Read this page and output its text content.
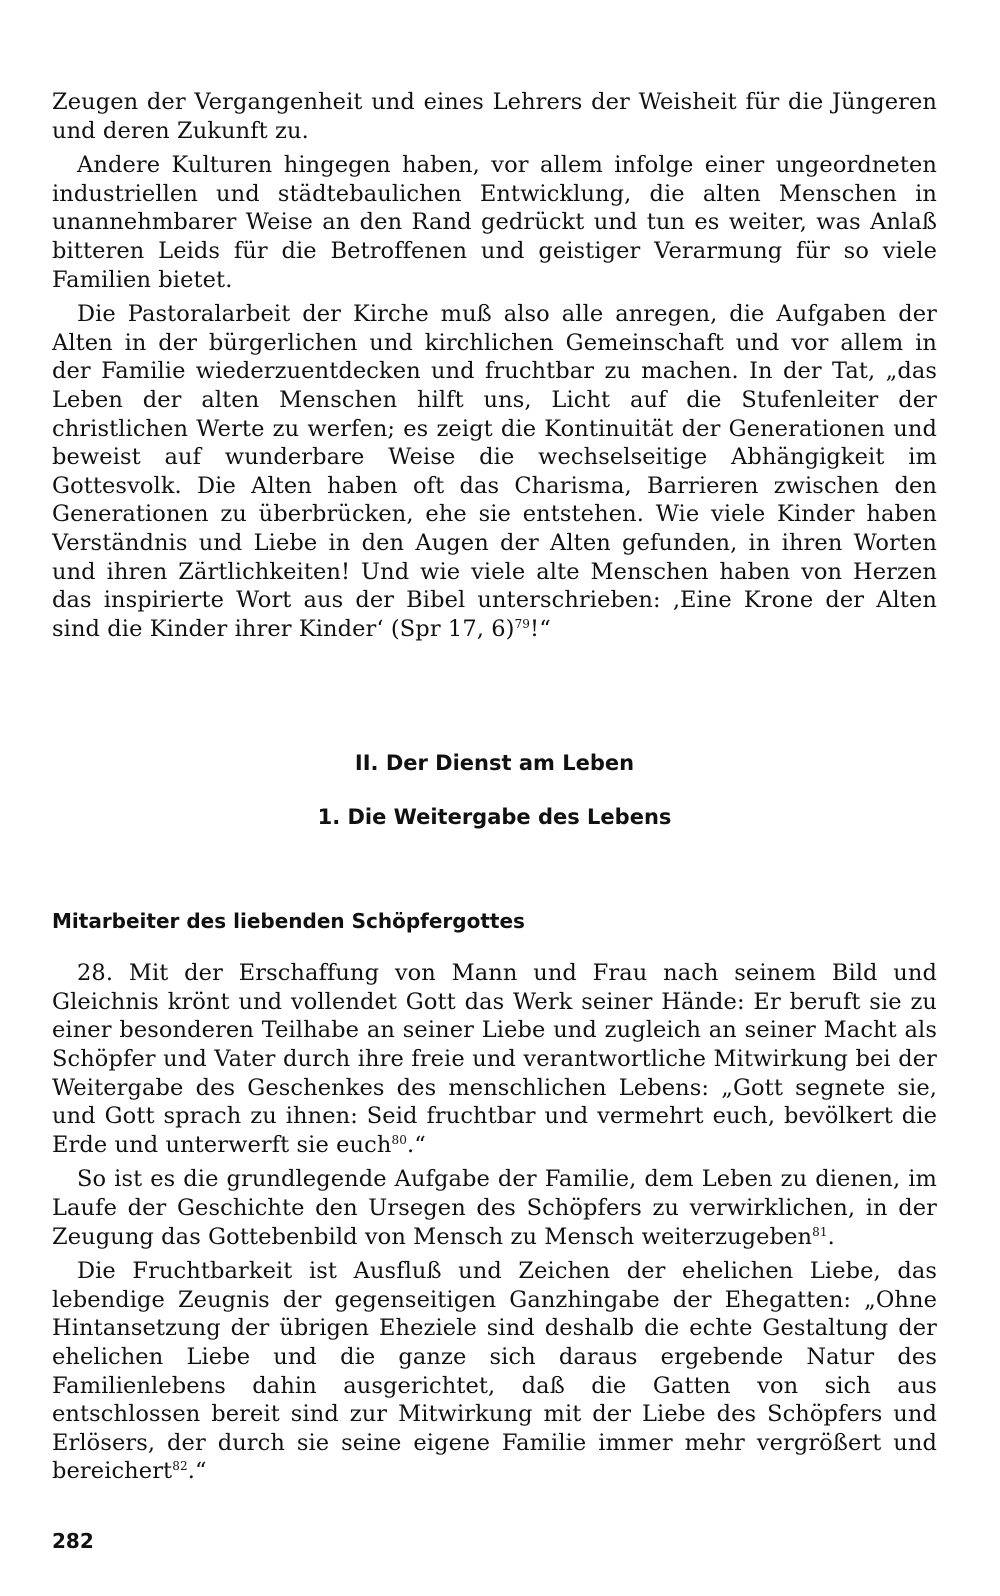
Zeugen der Vergangenheit und eines Lehrers der Weisheit für die Jüngeren und deren Zukunft zu.

Andere Kulturen hingegen haben, vor allem infolge einer ungeordneten industriellen und städtebaulichen Entwicklung, die alten Menschen in unannehmbarer Weise an den Rand gedrückt und tun es weiter, was Anlaß bitteren Leids für die Betroffenen und geistiger Verarmung für so viele Familien bietet.

Die Pastoralarbeit der Kirche muß also alle anregen, die Aufgaben der Alten in der bürgerlichen und kirchlichen Gemeinschaft und vor allem in der Familie wiederzuentdecken und fruchtbar zu machen. In der Tat, „das Leben der alten Menschen hilft uns, Licht auf die Stufenleiter der christlichen Werte zu werfen; es zeigt die Kontinuität der Generationen und beweist auf wunderbare Weise die wechselseitige Abhängigkeit im Gottesvolk. Die Alten haben oft das Charisma, Barrieren zwischen den Generationen zu überbrücken, ehe sie entstehen. Wie viele Kinder haben Verständnis und Liebe in den Augen der Alten gefunden, in ihren Worten und ihren Zärtlichkeiten! Und wie viele alte Menschen haben von Herzen das inspirierte Wort aus der Bibel unterschrieben: ‚Eine Krone der Alten sind die Kinder ihrer Kinder‘ (Spr 17, 6)$^{79}$!“

II. Der Dienst am Leben
1. Die Weitergabe des Lebens
Mitarbeiter des liebenden Schöpfergottes

28. Mit der Erschaffung von Mann und Frau nach seinem Bild und Gleichnis krönt und vollendet Gott das Werk seiner Hände: Er beruft sie zu einer besonderen Teilhabe an seiner Liebe und zugleich an seiner Macht als Schöpfer und Vater durch ihre freie und verantwortliche Mitwirkung bei der Weitergabe des Geschenkes des menschlichen Lebens: „Gott segnete sie, und Gott sprach zu ihnen: Seid fruchtbar und vermehrt euch, bevölkert die Erde und unterwerft sie euch$^{80}$.“

So ist es die grundlegende Aufgabe der Familie, dem Leben zu dienen, im Laufe der Geschichte den Ursegen des Schöpfers zu verwirklichen, in der Zeugung das Gottebenbild von Mensch zu Mensch weiterzugeben$^{81}$.

Die Fruchtbarkeit ist Ausfluß und Zeichen der ehelichen Liebe, das lebendige Zeugnis der gegenseitigen Ganzhingabe der Ehegatten: „Ohne Hintansetzung der übrigen Eheziele sind deshalb die echte Gestaltung der ehelichen Liebe und die ganze sich daraus ergebende Natur des Familienlebens dahin ausgerichtet, daß die Gatten von sich aus entschlossen bereit sind zur Mitwirkung mit der Liebe des Schöpfers und Erlösers, der durch sie seine eigene Familie immer mehr vergrößert und bereichert$^{82}$.“

282
